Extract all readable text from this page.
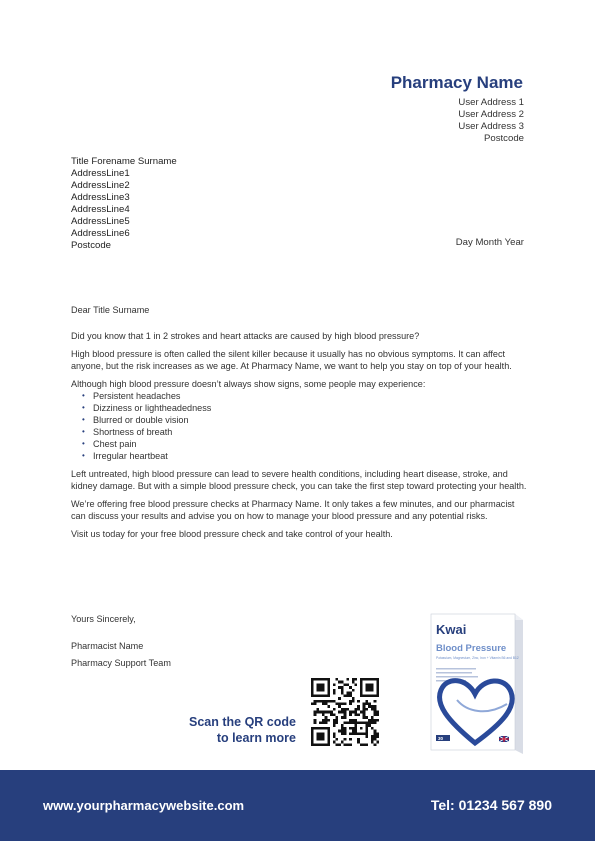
Pharmacy Name
User Address 1
User Address 2
User Address 3
Postcode
Title Forename Surname
AddressLine1
AddressLine2
AddressLine3
AddressLine4
AddressLine5
AddressLine6
Postcode	Day Month Year

Dear Title Surname

Did you know that 1 in 2 strokes and heart attacks are caused by high blood pressure?

High blood pressure is often called the silent killer because it usually has no obvious symptoms. It can affect anyone, but the risk increases as we age. At Pharmacy Name, we want to help you stay on top of your health.

Although high blood pressure doesn’t always show signs, some people may experience:

• Persistent headaches
• Dizziness or lightheadedness
• Blurred or double vision
• Shortness of breath
• Chest pain
• Irregular heartbeat

Left untreated, high blood pressure can lead to severe health conditions, including heart disease, stroke, and kidney damage. But with a simple blood pressure check, you can take the first step toward protecting your health.

We’re offering free blood pressure checks at Pharmacy Name. It only takes a few minutes, and our pharmacist can discuss your results and advise you on how to manage your blood pressure and any potential risks.

Visit us today for your free blood pressure check and take control of your health.

Yours Sincerely,
Pharmacist Name
Pharmacy Support Team
Scan the QR code
to learn more
Kwai
Blood Pressure
Potassium, Magnesium, Zinc, Iron + Vitamin B6 and B12
30
www.yourpharmacywebsite.com	Tel: 01234 567 890
